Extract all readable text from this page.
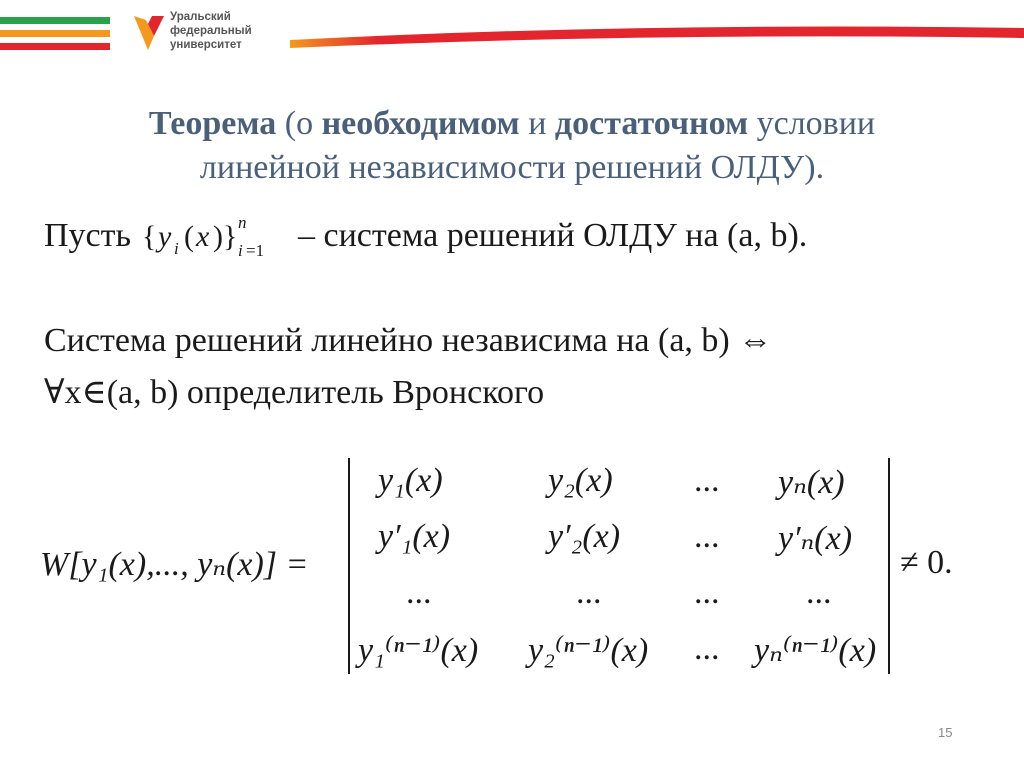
Уральский
федеральный
университет
Теорема (о необходимом и достаточном условии
линейной независимости решений ОЛДУ).
Пусть { y i ( x )} n
i =1 – система решений ОЛДУ на (a, b).
Система решений линейно независима на (a, b) ⇔
∀x∈(a, b) определитель Вронского
W[y₁(x),..., yₙ(x)] =
y₁(x)	y₂(x) ... yₙ(x)
y′₁(x)	y′₂(x) ... y′ₙ(x)
...	...	...	...
y₁⁽ⁿ⁻¹⁾(x) y₂⁽ⁿ⁻¹⁾(x) ... yₙ⁽ⁿ⁻¹⁾(x)
≠ 0.
15
